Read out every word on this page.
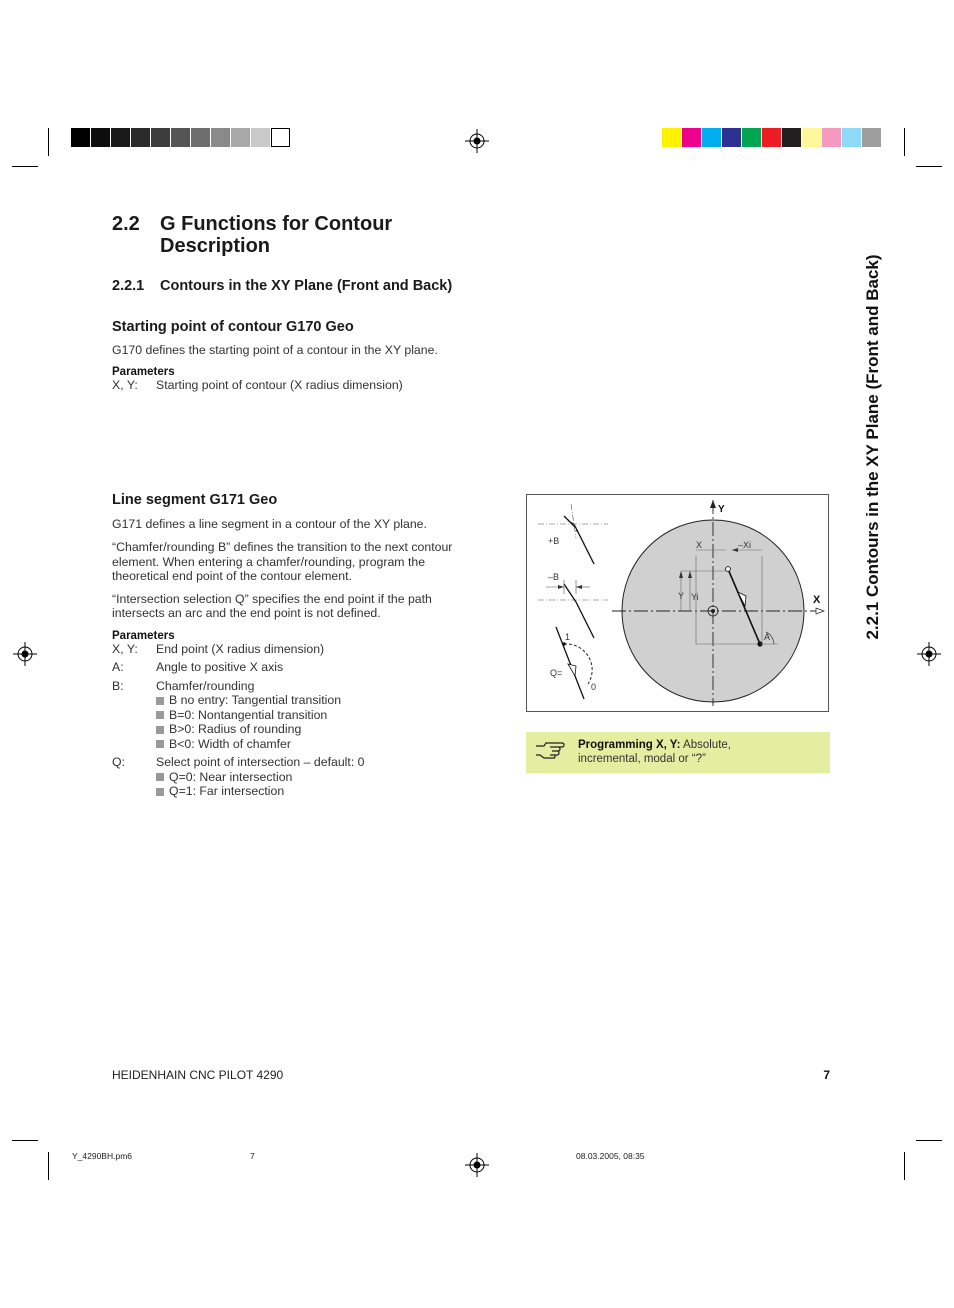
2.2	G Functions for Contour
Description
2.2.1	Contours in the XY Plane (Front and Back)
Starting point of contour G170 Geo

G170 defines the starting point of a contour in the XY plane.

Parameters
X, Y:	Starting point of contour (X radius dimension)
Line segment G171 Geo

G171 defines a line segment in a contour of the XY plane.

“Chamfer/rounding B” defines the transition to the next contour
element. When entering a chamfer/rounding, program the
theoretical end point of the contour element.

“Intersection selection Q” specifies the end point if the path
intersects an arc and the end point is not defined.

Parameters
X, Y:	End point (X radius dimension)
A:	Angle to positive X axis
B:	Chamfer/rounding
B no entry: Tangential transition
B=0: Nontangential transition
B>0: Radius of rounding
B<0: Width of chamfer
Q:	Select point of intersection – default: 0
Q=0: Near intersection
Q=1: Far intersection
Y
X
X	–Xi
Y Yi
A
+B
–B
1
Q=
0
Programming X, Y: Absolute,
incremental, modal or “?”
2.2.1 Contours in the XY Plane (Front and Back)
HEIDENHAIN CNC PILOT 4290	7
Y_4290BH.pm6	7	08.03.2005, 08:35
